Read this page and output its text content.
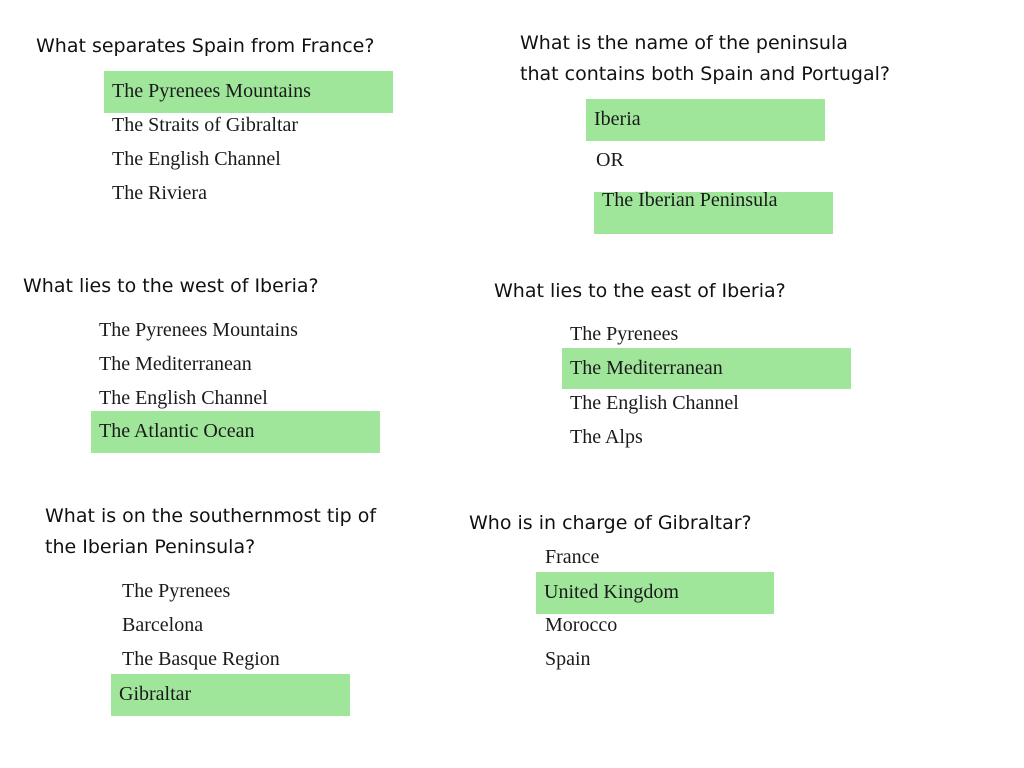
What separates Spain from France?
The Pyrenees Mountains
The Straits of Gibraltar
The English Channel
The Riviera
What is the name of the peninsula
that contains both Spain and Portugal?
Iberia
OR
The Iberian Peninsula
What lies to the west of Iberia?
The Pyrenees Mountains
The Mediterranean
The English Channel
The Atlantic Ocean
What lies to the east of Iberia?
The Pyrenees
The Mediterranean
The English Channel
The Alps
What is on the southernmost tip of
the Iberian Peninsula?
The Pyrenees
Barcelona
The Basque Region
Gibraltar
Who is in charge of Gibraltar?
France
United Kingdom
Morocco
Spain
